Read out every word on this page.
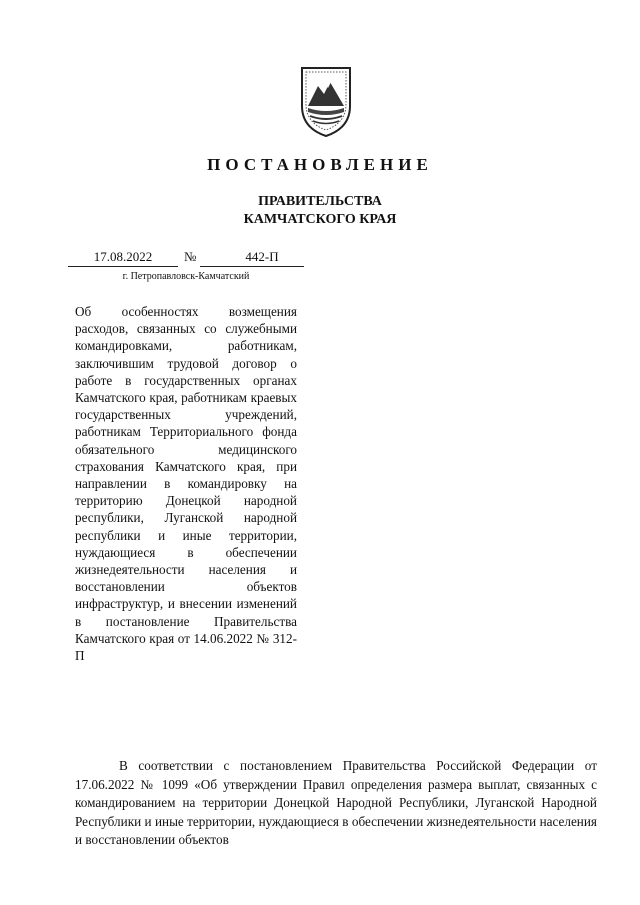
ПОСТАНОВЛЕНИЕ
ПРАВИТЕЛЬСТВА
КАМЧАТСКОГО КРАЯ
17.08.2022	№	442-П
г. Петропавловск-Камчатский
Об особенностях возмещения расходов, связанных со служебными командировками, работникам, заключившим трудовой договор о работе в государственных органах Камчатского края, работникам краевых государственных учреждений, работникам Территориального фонда обязательного медицинского страхования Камчатского края, при направлении в командировку на территорию Донецкой народной республики, Луганской народной республики и иные территории, нуждающиеся в обеспечении жизнедеятельности населения и восстановлении объектов инфраструктур, и внесении изменений в постановление Правительства Камчатского края от 14.06.2022 № 312-П
В соответствии с постановлением Правительства Российской Федерации от 17.06.2022 № 1099 «Об утверждении Правил определения размера выплат, связанных с командированием на территории Донецкой Народной Республики, Луганской Народной Республики и иные территории, нуждающиеся в обеспечении жизнедеятельности населения и восстановлении объектов
